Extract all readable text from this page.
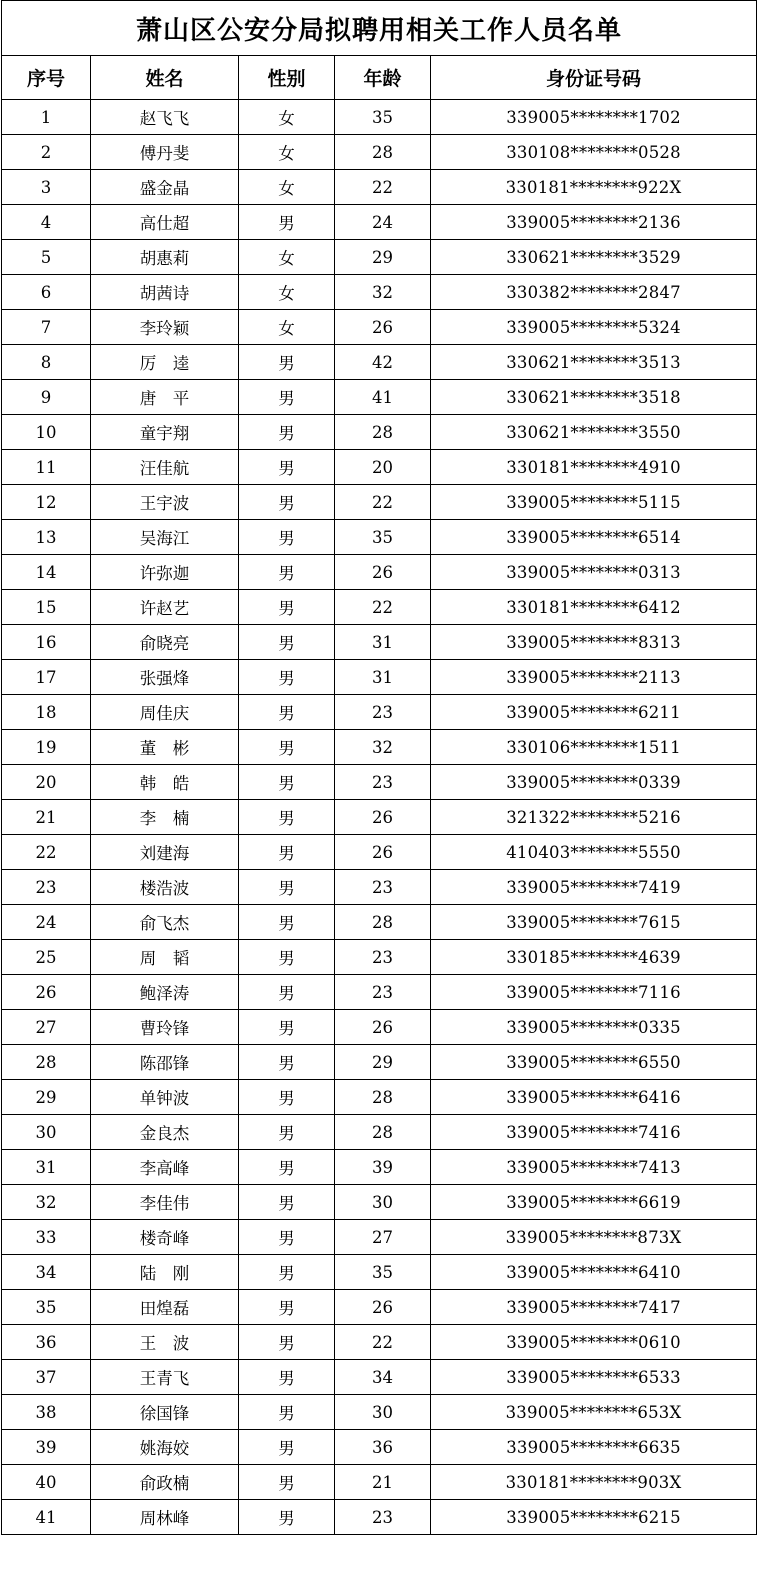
萧山区公安分局拟聘用相关工作人员名单				
序号	姓名	性别	年龄	身份证号码
1	赵飞飞	女	35	339005********1702
2	傅丹斐	女	28	330108********0528
3	盛金晶	女	22	330181********922X
4	高仕超	男	24	339005********2136
5	胡惠莉	女	29	330621********3529
6	胡茜诗	女	32	330382********2847
7	李玲颖	女	26	339005********5324
8	厉　逵	男	42	330621********3513
9	唐　平	男	41	330621********3518
10	童宇翔	男	28	330621********3550
11	汪佳航	男	20	330181********4910
12	王宇波	男	22	339005********5115
13	吴海江	男	35	339005********6514
14	许弥迦	男	26	339005********0313
15	许赵艺	男	22	330181********6412
16	俞晓亮	男	31	339005********8313
17	张强烽	男	31	339005********2113
18	周佳庆	男	23	339005********6211
19	董　彬	男	32	330106********1511
20	韩　皓	男	23	339005********0339
21	李　楠	男	26	321322********5216
22	刘建海	男	26	410403********5550
23	楼浩波	男	23	339005********7419
24	俞飞杰	男	28	339005********7615
25	周　韬	男	23	330185********4639
26	鲍泽涛	男	23	339005********7116
27	曹玲锋	男	26	339005********0335
28	陈邵锋	男	29	339005********6550
29	单钟波	男	28	339005********6416
30	金良杰	男	28	339005********7416
31	李高峰	男	39	339005********7413
32	李佳伟	男	30	339005********6619
33	楼奇峰	男	27	339005********873X
34	陆　刚	男	35	339005********6410
35	田煌磊	男	26	339005********7417
36	王　波	男	22	339005********0610
37	王青飞	男	34	339005********6533
38	徐国锋	男	30	339005********653X
39	姚海姣	男	36	339005********6635
40	俞政楠	男	21	330181********903X
41	周林峰	男	23	339005********6215
